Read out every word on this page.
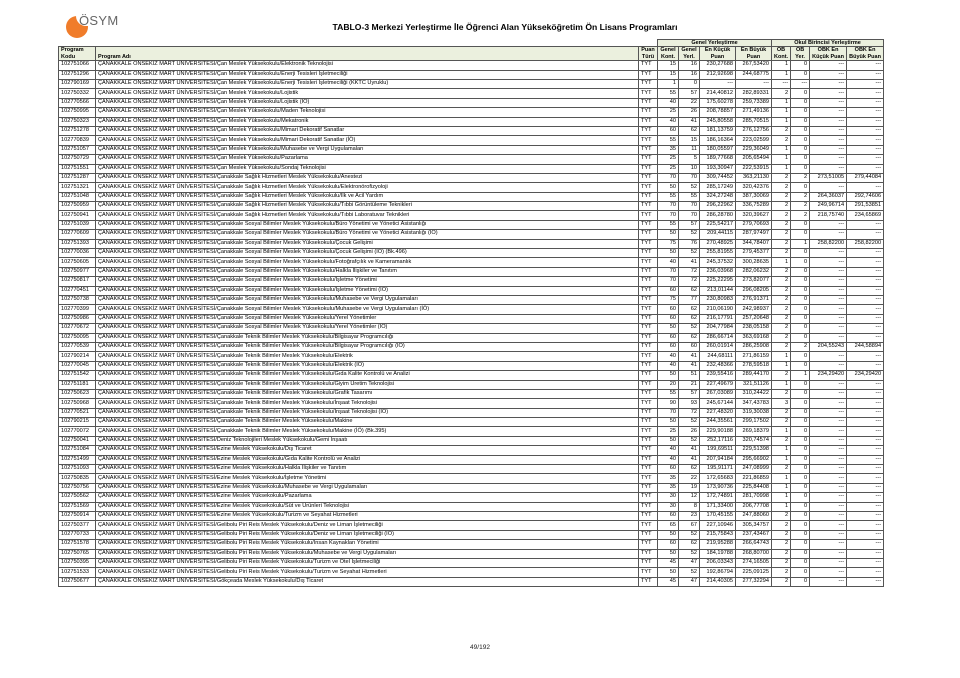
ÖSYM	TABLO-3 Merkezi Yerleştirme İle Öğrenci Alan Yükseköğretim Ön Lisans Programları
			Genel Yerleştirme				Okul Birincisi Yerleştirme			
Program Kodu	Program Adı	Puan Türü	Genel Kont.	Genel Yerl.	En Küçük Puan	En Büyük Puan	OB Kont.	OB Yer.	OBK En Küçük Puan	OBK En Büyük Puan
102751066	ÇANAKKALE ONSEKİZ MART ÜNİVERSİTESİ/Çan Meslek Yüksekokulu/Elektronik Teknolojisi	TYT	15	16	230,27688	267,53420	1	0	---	---
102751296	ÇANAKKALE ONSEKİZ MART ÜNİVERSİTESİ/Çan Meslek Yüksekokulu/Enerji Tesisleri İşletmeciliği	TYT	15	16	212,92698	244,68775	1	0	---	---
102790169	ÇANAKKALE ONSEKİZ MART ÜNİVERSİTESİ/Çan Meslek Yüksekokulu/Enerji Tesisleri İşletmeciliği (KKTC Uyruklu)	TYT	1	0	---	---	---	---	---	---
102750332	ÇANAKKALE ONSEKİZ MART ÜNİVERSİTESİ/Çan Meslek Yüksekokulu/Lojistik	TYT	55	57	214,40812	282,89331	2	0	---	---
102770566	ÇANAKKALE ONSEKİZ MART ÜNİVERSİTESİ/Çan Meslek Yüksekokulu/Lojistik (İÖ)	TYT	40	22	175,60278	259,73389	1	0	---	---
102750995	ÇANAKKALE ONSEKİZ MART ÜNİVERSİTESİ/Çan Meslek Yüksekokulu/Maden Teknolojisi	TYT	25	26	208,78857	271,49136	1	0	---	---
102750323	ÇANAKKALE ONSEKİZ MART ÜNİVERSİTESİ/Çan Meslek Yüksekokulu/Mekatronik	TYT	40	41	245,80558	285,70515	1	0	---	---
102751278	ÇANAKKALE ONSEKİZ MART ÜNİVERSİTESİ/Çan Meslek Yüksekokulu/Mimari Dekoratif Sanatlar	TYT	60	62	181,13759	276,12756	2	0	---	---
102770839	ÇANAKKALE ONSEKİZ MART ÜNİVERSİTESİ/Çan Meslek Yüksekokulu/Mimari Dekoratif Sanatlar (İÖ)	TYT	55	15	186,16364	223,02599	2	0	---	---
102751057	ÇANAKKALE ONSEKİZ MART ÜNİVERSİTESİ/Çan Meslek Yüksekokulu/Muhasebe ve Vergi Uygulamaları	TYT	35	11	180,05597	229,36049	1	0	---	---
102750729	ÇANAKKALE ONSEKİZ MART ÜNİVERSİTESİ/Çan Meslek Yüksekokulu/Pazarlama	TYT	25	5	189,77668	205,65494	1	0	---	---
102751551	ÇANAKKALE ONSEKİZ MART ÜNİVERSİTESİ/Çan Meslek Yüksekokulu/Sondaj Teknolojisi	TYT	25	10	193,30947	222,53915	1	0	---	---
102751287	ÇANAKKALE ONSEKİZ MART ÜNİVERSİTESİ/Çanakkale Sağlık Hizmetleri Meslek Yüksekokulu/Anestezi	TYT	70	70	309,74452	363,21130	2	2	273,51005	279,44084
102751321	ÇANAKKALE ONSEKİZ MART ÜNİVERSİTESİ/Çanakkale Sağlık Hizmetleri Meslek Yüksekokulu/Elektronörofizyoloji	TYT	50	52	285,17249	320,42376	2	0	---	---
102751048	ÇANAKKALE ONSEKİZ MART ÜNİVERSİTESİ/Çanakkale Sağlık Hizmetleri Meslek Yüksekokulu/İlk ve Acil Yardım	TYT	55	55	324,27248	387,30069	2	2	264,36037	292,74606
102750959	ÇANAKKALE ONSEKİZ MART ÜNİVERSİTESİ/Çanakkale Sağlık Hizmetleri Meslek Yüksekokulu/Tıbbi Görüntüleme Teknikleri	TYT	70	70	296,22962	336,75289	2	2	249,96714	291,53851
102750941	ÇANAKKALE ONSEKİZ MART ÜNİVERSİTESİ/Çanakkale Sağlık Hizmetleri Meslek Yüksekokulu/Tıbbi Laboratuvar Teknikleri	TYT	70	70	286,28780	320,39627	2	2	218,75740	234,65869
102751039	ÇANAKKALE ONSEKİZ MART ÜNİVERSİTESİ/Çanakkale Sosyal Bilimler Meslek Yüksekokulu/Büro Yönetimi ve Yönetici Asistanlığı	TYT	55	57	225,54217	279,70693	2	0	---	---
102770609	ÇANAKKALE ONSEKİZ MART ÜNİVERSİTESİ/Çanakkale Sosyal Bilimler Meslek Yüksekokulu/Büro Yönetimi ve Yönetici Asistanlığı (İÖ)	TYT	50	52	209,44115	287,97497	2	0	---	---
102751393	ÇANAKKALE ONSEKİZ MART ÜNİVERSİTESİ/Çanakkale Sosyal Bilimler Meslek Yüksekokulu/Çocuk Gelişimi	TYT	75	76	270,48925	344,78407	2	1	258,82200	258,82200
102770036	ÇANAKKALE ONSEKİZ MART ÜNİVERSİTESİ/Çanakkale Sosyal Bilimler Meslek Yüksekokulu/Çocuk Gelişimi (İÖ) (Bk.496)	TYT	50	52	255,81955	279,45377	2	0	---	---
102750605	ÇANAKKALE ONSEKİZ MART ÜNİVERSİTESİ/Çanakkale Sosyal Bilimler Meslek Yüksekokulu/Fotoğrafçılık ve Kameramanlık	TYT	40	41	245,37532	300,28635	1	0	---	---
102750977	ÇANAKKALE ONSEKİZ MART ÜNİVERSİTESİ/Çanakkale Sosyal Bilimler Meslek Yüksekokulu/Halkla İlişkiler ve Tanıtım	TYT	70	72	236,03968	282,06232	2	0	---	---
102750817	ÇANAKKALE ONSEKİZ MART ÜNİVERSİTESİ/Çanakkale Sosyal Bilimler Meslek Yüksekokulu/İşletme Yönetimi	TYT	70	72	225,22295	273,82077	2	0	---	---
102770451	ÇANAKKALE ONSEKİZ MART ÜNİVERSİTESİ/Çanakkale Sosyal Bilimler Meslek Yüksekokulu/İşletme Yönetimi (İÖ)	TYT	60	62	213,01144	296,08205	2	0	---	---
102750738	ÇANAKKALE ONSEKİZ MART ÜNİVERSİTESİ/Çanakkale Sosyal Bilimler Meslek Yüksekokulu/Muhasebe ve Vergi Uygulamaları	TYT	75	77	230,80983	276,91371	2	0	---	---
102770399	ÇANAKKALE ONSEKİZ MART ÜNİVERSİTESİ/Çanakkale Sosyal Bilimler Meslek Yüksekokulu/Muhasebe ve Vergi Uygulamaları (İÖ)	TYT	60	62	210,06190	242,98937	2	0	---	---
102750986	ÇANAKKALE ONSEKİZ MART ÜNİVERSİTESİ/Çanakkale Sosyal Bilimler Meslek Yüksekokulu/Yerel Yönetimler	TYT	60	62	216,17791	257,20648	2	0	---	---
102770672	ÇANAKKALE ONSEKİZ MART ÜNİVERSİTESİ/Çanakkale Sosyal Bilimler Meslek Yüksekokulu/Yerel Yönetimler (İÖ)	TYT	50	52	204,77984	238,05158	2	0	---	---
102750095	ÇANAKKALE ONSEKİZ MART ÜNİVERSİTESİ/Çanakkale Teknik Bilimler Meslek Yüksekokulu/Bilgisayar Programcılığı	TYT	60	62	286,66714	363,69168	2	0	---	---
102770539	ÇANAKKALE ONSEKİZ MART ÜNİVERSİTESİ/Çanakkale Teknik Bilimler Meslek Yüksekokulu/Bilgisayar Programcılığı (İÖ)	TYT	60	60	260,01914	286,25908	2	2	204,55243	244,58894
102790214	ÇANAKKALE ONSEKİZ MART ÜNİVERSİTESİ/Çanakkale Teknik Bilimler Meslek Yüksekokulu/Elektrik	TYT	40	41	244,68111	271,86159	1	0	---	---
102770045	ÇANAKKALE ONSEKİZ MART ÜNİVERSİTESİ/Çanakkale Teknik Bilimler Meslek Yüksekokulu/Elektrik (İÖ)	TYT	40	41	232,48366	278,59518	1	0	---	---
102751542	ÇANAKKALE ONSEKİZ MART ÜNİVERSİTESİ/Çanakkale Teknik Bilimler Meslek Yüksekokulu/Gıda Kalite Kontrolü ve Analizi	TYT	50	51	239,55416	289,44170	2	1	234,29420	234,29420
102751181	ÇANAKKALE ONSEKİZ MART ÜNİVERSİTESİ/Çanakkale Teknik Bilimler Meslek Yüksekokulu/Giyim Üretim Teknolojisi	TYT	20	21	227,49679	321,51126	1	0	---	---
102750623	ÇANAKKALE ONSEKİZ MART ÜNİVERSİTESİ/Çanakkale Teknik Bilimler Meslek Yüksekokulu/Grafik Tasarımı	TYT	55	57	267,03089	310,24422	2	0	---	---
102750968	ÇANAKKALE ONSEKİZ MART ÜNİVERSİTESİ/Çanakkale Teknik Bilimler Meslek Yüksekokulu/İnşaat Teknolojisi	TYT	90	93	245,67144	347,43783	3	0	---	---
102770521	ÇANAKKALE ONSEKİZ MART ÜNİVERSİTESİ/Çanakkale Teknik Bilimler Meslek Yüksekokulu/İnşaat Teknolojisi (İÖ)	TYT	70	72	227,48320	319,30038	2	0	---	---
102790215	ÇANAKKALE ONSEKİZ MART ÜNİVERSİTESİ/Çanakkale Teknik Bilimler Meslek Yüksekokulu/Makine	TYT	50	52	244,35561	299,17502	2	0	---	---
102770072	ÇANAKKALE ONSEKİZ MART ÜNİVERSİTESİ/Çanakkale Teknik Bilimler Meslek Yüksekokulu/Makine (İÖ) (Bk.395)	TYT	25	26	229,90188	269,18379	1	0	---	---
102750041	ÇANAKKALE ONSEKİZ MART ÜNİVERSİTESİ/Deniz Teknolojileri Meslek Yüksekokulu/Gemi İnşaatı	TYT	50	52	252,17116	320,74574	2	0	---	---
102751084	ÇANAKKALE ONSEKİZ MART ÜNİVERSİTESİ/Ezine Meslek Yüksekokulu/Dış Ticaret	TYT	40	41	199,69511	229,51398	1	0	---	---
102751499	ÇANAKKALE ONSEKİZ MART ÜNİVERSİTESİ/Ezine Meslek Yüksekokulu/Gıda Kalite Kontrolü ve Analizi	TYT	40	41	207,94184	295,66902	1	0	---	---
102751093	ÇANAKKALE ONSEKİZ MART ÜNİVERSİTESİ/Ezine Meslek Yüksekokulu/Halkla İlişkiler ve Tanıtım	TYT	60	62	195,91171	247,08999	2	0	---	---
102750835	ÇANAKKALE ONSEKİZ MART ÜNİVERSİTESİ/Ezine Meslek Yüksekokulu/İşletme Yönetimi	TYT	35	22	172,65683	221,86859	1	0	---	---
102750756	ÇANAKKALE ONSEKİZ MART ÜNİVERSİTESİ/Ezine Meslek Yüksekokulu/Muhasebe ve Vergi Uygulamaları	TYT	35	19	173,90736	225,84408	1	0	---	---
102750562	ÇANAKKALE ONSEKİZ MART ÜNİVERSİTESİ/Ezine Meslek Yüksekokulu/Pazarlama	TYT	30	12	172,74891	281,70998	1	0	---	---
102751569	ÇANAKKALE ONSEKİZ MART ÜNİVERSİTESİ/Ezine Meslek Yüksekokulu/Süt ve Ürünleri Teknolojisi	TYT	30	8	171,33400	206,77708	1	0	---	---
102750914	ÇANAKKALE ONSEKİZ MART ÜNİVERSİTESİ/Ezine Meslek Yüksekokulu/Turizm ve Seyahat Hizmetleri	TYT	60	23	170,45155	247,88060	2	0	---	---
102750377	ÇANAKKALE ONSEKİZ MART ÜNİVERSİTESİ/Gelibolu Piri Reis Meslek Yüksekokulu/Deniz ve Liman İşletmeciliği	TYT	65	67	227,10946	305,34757	2	0	---	---
102770733	ÇANAKKALE ONSEKİZ MART ÜNİVERSİTESİ/Gelibolu Piri Reis Meslek Yüksekokulu/Deniz ve Liman İşletmeciliği (İÖ)	TYT	50	52	215,75843	237,43467	2	0	---	---
102751578	ÇANAKKALE ONSEKİZ MART ÜNİVERSİTESİ/Gelibolu Piri Reis Meslek Yüksekokulu/İnsan Kaynakları Yönetimi	TYT	60	62	219,95288	266,64743	2	0	---	---
102750765	ÇANAKKALE ONSEKİZ MART ÜNİVERSİTESİ/Gelibolu Piri Reis Meslek Yüksekokulu/Muhasebe ve Vergi Uygulamaları	TYT	50	52	184,19788	268,80700	2	0	---	---
102750395	ÇANAKKALE ONSEKİZ MART ÜNİVERSİTESİ/Gelibolu Piri Reis Meslek Yüksekokulu/Turizm ve Otel İşletmeciliği	TYT	45	47	206,03343	274,16505	2	0	---	---
102751533	ÇANAKKALE ONSEKİZ MART ÜNİVERSİTESİ/Gelibolu Piri Reis Meslek Yüksekokulu/Turizm ve Seyahat Hizmetleri	TYT	50	52	192,86794	225,09125	2	0	---	---
102750677	ÇANAKKALE ONSEKİZ MART ÜNİVERSİTESİ/Gökçeada Meslek Yüksekokulu/Dış Ticaret	TYT	45	47	214,40305	277,32294	2	0	---	---
49/192
